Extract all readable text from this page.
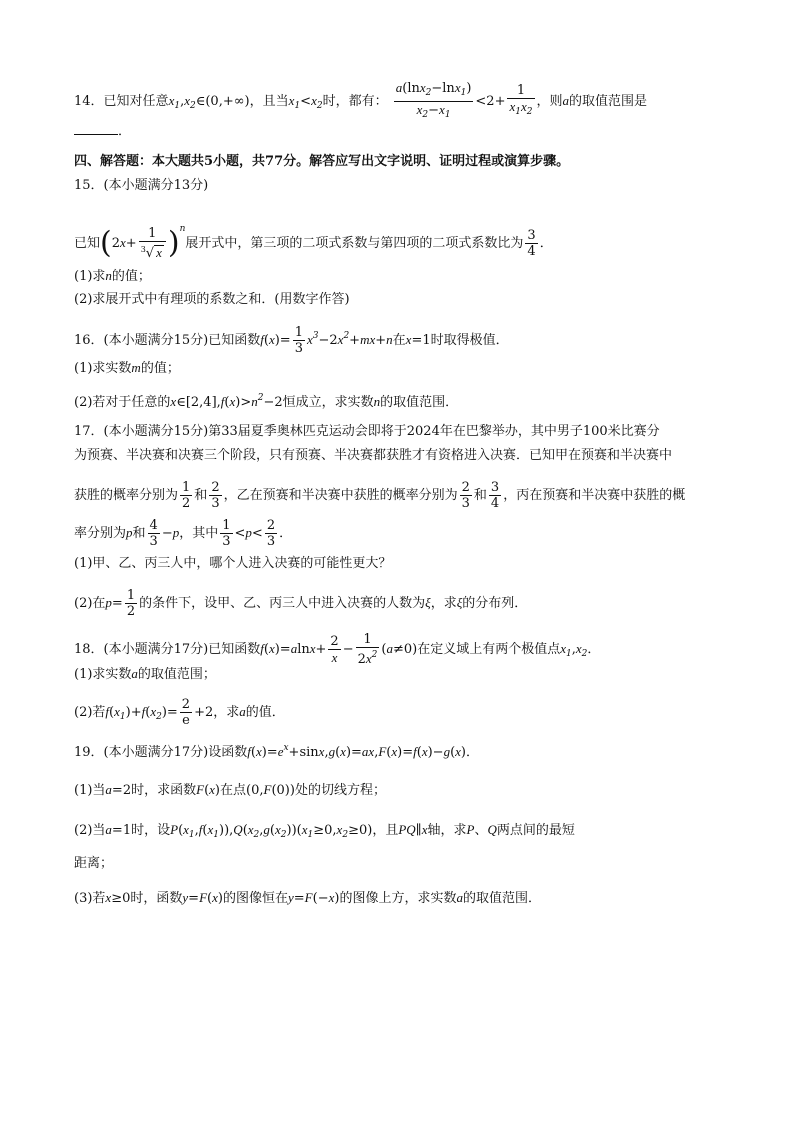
14．已知对任意$x_1,x_2\in(0,+\infty)$，且当$x_1<x_2$时，都有： $\frac{a(\ln x_2-\ln x_1)}{x_2-x_1} <2+ \frac{1}{x_1x_2}$ ，则a的取值范围是
．
四、解答题：本大题共5小题，共77分。解答应写出文字说明、证明过程或演算步骤。
15．(本小题满分13分)
已知$(2x+ \frac{1}{^3√ x} )^n$展开式中，第三项的二项式系数与第四项的二项式系数比为 $\frac{3}{4}$ ．
(1)求n的值；
(2)求展开式中有理项的系数之和．(用数字作答)
16．(本小题满分15分)已知函数$f(x)= \frac{1}{3} x^3-2x^2+mx+n$在x=1时取得极值．
(1)求实数m的值；
(2)若对于任意的$x\in[2,4],f(x)>n^2-2$恒成立，求实数n的取值范围．
17．(本小题满分15分)第33届夏季奥林匹克运动会即将于2024年在巴黎举办，其中男子100米比赛分
为预赛、半决赛和决赛三个阶段，只有预赛、半决赛都获胜才有资格进入决赛．已知甲在预赛和半决赛中
获胜的概率分别为 $\frac{1}{2}$ 和 $\frac{2}{3}$ ，乙在预赛和半决赛中获胜的概率分别为 $\frac{2}{3}$ 和 $\frac{3}{4}$ ，丙在预赛和半决赛中获胜的概
率分别为p和 $\frac{4}{3} -p$，其中 $\frac{1}{3} <p< \frac{2}{3}$ ．
(1)甲、乙、丙三人中，哪个人进入决赛的可能性更大？
(2)在$p= \frac{1}{2}$ 的条件下，设甲、乙、丙三人中进入决赛的人数为ξ，求ξ的分布列．
18．(本小题满分17分)已知函数$f(x)=alnx+ \frac{2}{x} - \frac{1}{2x^2} (a\ne 0)$在定义域上有两个极值点$x_1,x_2$．
(1)求实数a的取值范围；
(2)若$f(x_1)+f(x_2)= \frac{2}{e} +2$，求a的值．
19．(本小题满分17分)设函数$f(x)=e^x+\sin x,g(x)=ax,F(x)=f(x)-g(x)$．
(1)当a=2时，求函数F(x)在点(0,F(0))处的切线方程；
(2)当a=1时，设$P(x_1,f(x_1)),Q(x_2,g(x_2))(x_1\ge 0,x_2\ge 0)$，且PQ∥x轴，求P、Q两点间的最短
距离；
(3)若x≥0时，函数y=F(x)的图像恒在y=F(−x)的图像上方，求实数a的取值范围．
